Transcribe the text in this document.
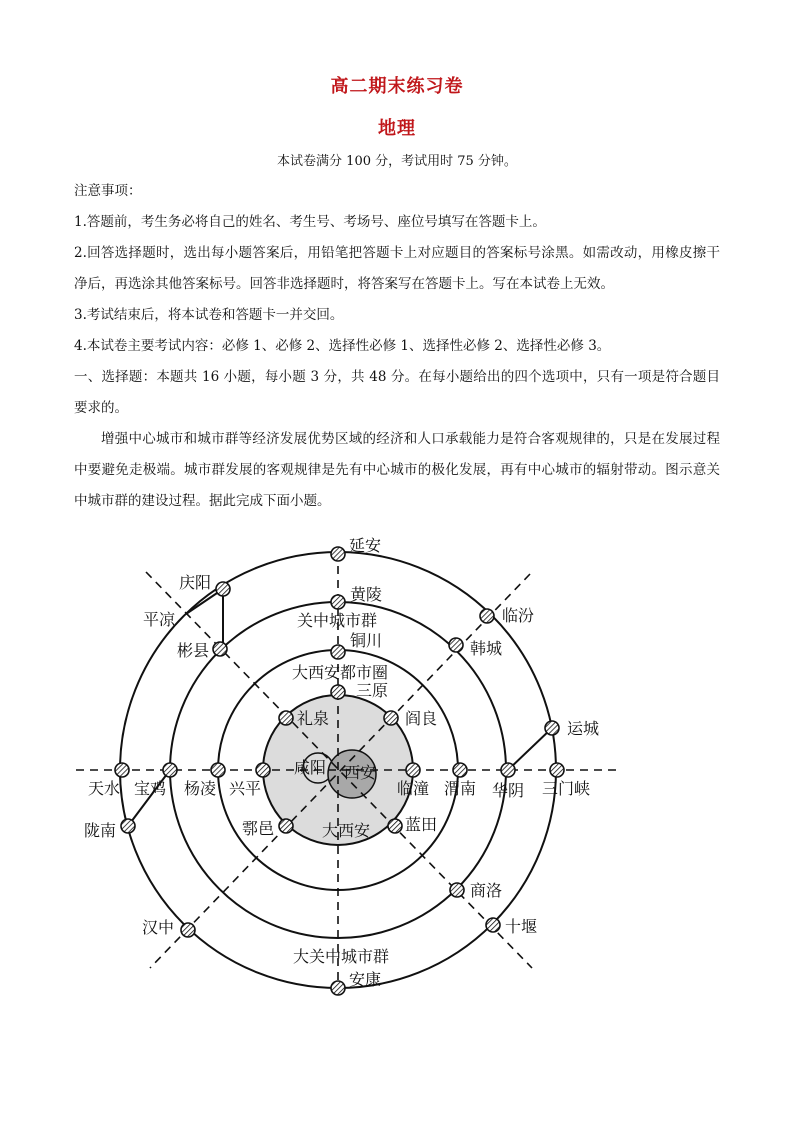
高二期末练习卷
地理
本试卷满分 100 分，考试用时 75 分钟。
注意事项：
1.答题前，考生务必将自己的姓名、考生号、考场号、座位号填写在答题卡上。
2.回答选择题时，选出每小题答案后，用铅笔把答题卡上对应题目的答案标号涂黑。如需改动，用橡皮擦干净后，再选涂其他答案标号。回答非选择题时，将答案写在答题卡上。写在本试卷上无效。
3.考试结束后，将本试卷和答题卡一并交回。
4.本试卷主要考试内容：必修 1、必修 2、选择性必修 1、选择性必修 2、选择性必修 3。
一、选择题：本题共 16 小题，每小题 3 分，共 48 分。在每小题给出的四个选项中，只有一项是符合题目要求的。
增强中心城市和城市群等经济发展优势区域的经济和人口承载能力是符合客观规律的，只是在发展过程中要避免走极端。城市群发展的客观规律是先有中心城市的极化发展，再有中心城市的辐射带动。图示意关中城市群的建设过程。据此完成下面小题。
关中城市群
大西安都市圈
大西安
大关中城市群
咸阳 西安
延安
黄陵
铜川
三原
安康
庆阳
平凉
彬县
礼泉	阎良
临汾
韩城
运城
天水 宝鸡 杨凌 兴平	临潼 渭南 华阴 三门峡
陇南	鄠邑	蓝田
商洛
汉中	十堰
